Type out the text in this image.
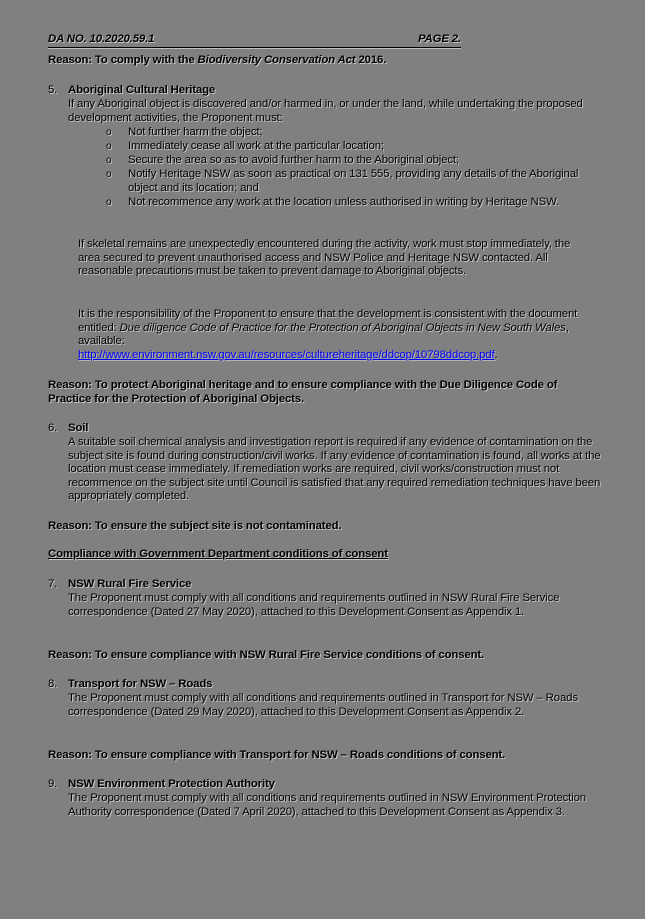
DA NO. 10.2020.59.1	PAGE 2.
Reason: To comply with the Biodiversity Conservation Act 2016.
5. Aboriginal Cultural Heritage

If any Aboriginal object is discovered and/or harmed in, or under the land, while undertaking the proposed development activities, the Proponent must:

o Not further harm the object;
o Immediately cease all work at the particular location;
o Secure the area so as to avoid further harm to the Aboriginal object;
o Notify Heritage NSW as soon as practical on 131 555, providing any details of the Aboriginal object and its location; and
o Not recommence any work at the location unless authorised in writing by Heritage NSW.

If skeletal remains are unexpectedly encountered during the activity, work must stop immediately, the area secured to prevent unauthorised access and NSW Police and Heritage NSW contacted. All reasonable precautions must be taken to prevent damage to Aboriginal objects.

It is the responsibility of the Proponent to ensure that the development is consistent with the document entitled: Due diligence Code of Practice for the Protection of Aboriginal Objects in New South Wales, available:
http://www.environment.nsw.gov.au/resources/cultureheritage/ddcop/10798ddcop.pdf.

Reason: To protect Aboriginal heritage and to ensure compliance with the Due Diligence Code of Practice for the Protection of Aboriginal Objects.

6. Soil

A suitable soil chemical analysis and investigation report is required if any evidence of contamination on the subject site is found during construction/civil works. If any evidence of contamination is found, all works at the location must cease immediately. If remediation works are required, civil works/construction must not recommence on the subject site until Council is satisfied that any required remediation techniques have been appropriately completed.

Reason: To ensure the subject site is not contaminated.

Compliance with Government Department conditions of consent
7. NSW Rural Fire Service

The Proponent must comply with all conditions and requirements outlined in NSW Rural Fire Service correspondence (Dated 27 May 2020), attached to this Development Consent as Appendix 1.

Reason: To ensure compliance with NSW Rural Fire Service conditions of consent.

8. Transport for NSW – Roads

The Proponent must comply with all conditions and requirements outlined in Transport for NSW – Roads correspondence (Dated 29 May 2020), attached to this Development Consent as Appendix 2.

Reason: To ensure compliance with Transport for NSW – Roads conditions of consent.

9. NSW Environment Protection Authority

The Proponent must comply with all conditions and requirements outlined in NSW Environment Protection Authority correspondence (Dated 7 April 2020), attached to this Development Consent as Appendix 3.
